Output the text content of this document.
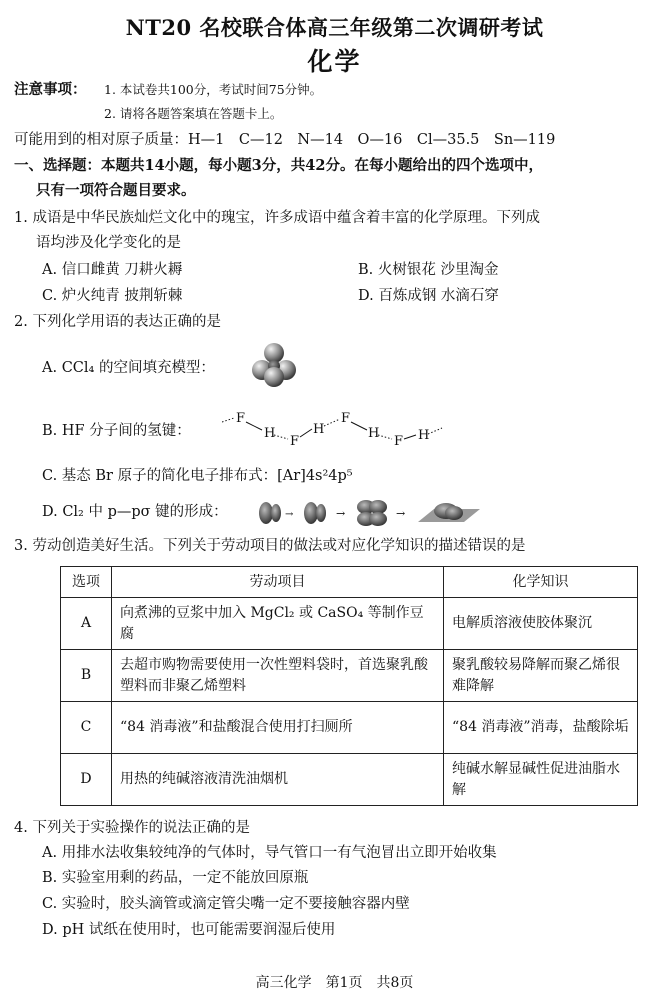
NT20 名校联合体高三年级第二次调研考试
化学
注意事项： 1. 本试卷共100分，考试时间75分钟。
2. 请将各题答案填在答题卡上。
可能用到的相对原子质量：H—1　C—12　N—14　O—16　Cl—35.5　Sn—119
一、选择题：本题共14小题，每小题3分，共42分。在每小题给出的四个选项中，
只有一项符合题目要求。
1. 成语是中华民族灿烂文化中的瑰宝，许多成语中蕴含着丰富的化学原理。下列成
语均涉及化学变化的是
A. 信口雌黄 刀耕火耨	B. 火树银花 沙里淘金
C. 炉火纯青 披荆斩棘	D. 百炼成钢 水滴石穿
2. 下列化学用语的表达正确的是
A. CCl₄ 的空间填充模型：
B. HF 分子间的氢键：
F
H
F
H
F
H
F H
C. 基态 Br 原子的简化电子排布式：[Ar]4s²4p⁵
D. Cl₂ 中 p—pσ 键的形成：	→	→	→
3. 劳动创造美好生活。下列关于劳动项目的做法或对应化学知识的描述错误的是
选项	劳动项目	化学知识
A	向煮沸的豆浆中加入 MgCl₂ 或 CaSO₄ 等制作豆腐	电解质溶液使胶体聚沉
B	去超市购物需要使用一次性塑料袋时，首选聚乳酸塑料而非聚乙烯塑料	聚乳酸较易降解而聚乙烯很难降解
C	“84 消毒液”和盐酸混合使用打扫厕所	“84 消毒液”消毒，盐酸除垢
D	用热的纯碱溶液清洗油烟机	纯碱水解显碱性促进油脂水解
4. 下列关于实验操作的说法正确的是
A. 用排水法收集较纯净的气体时，导气管口一有气泡冒出立即开始收集
B. 实验室用剩的药品，一定不能放回原瓶
C. 实验时，胶头滴管或滴定管尖嘴一定不要接触容器内壁
D. pH 试纸在使用时，也可能需要润湿后使用
高三化学　第1页　共8页
